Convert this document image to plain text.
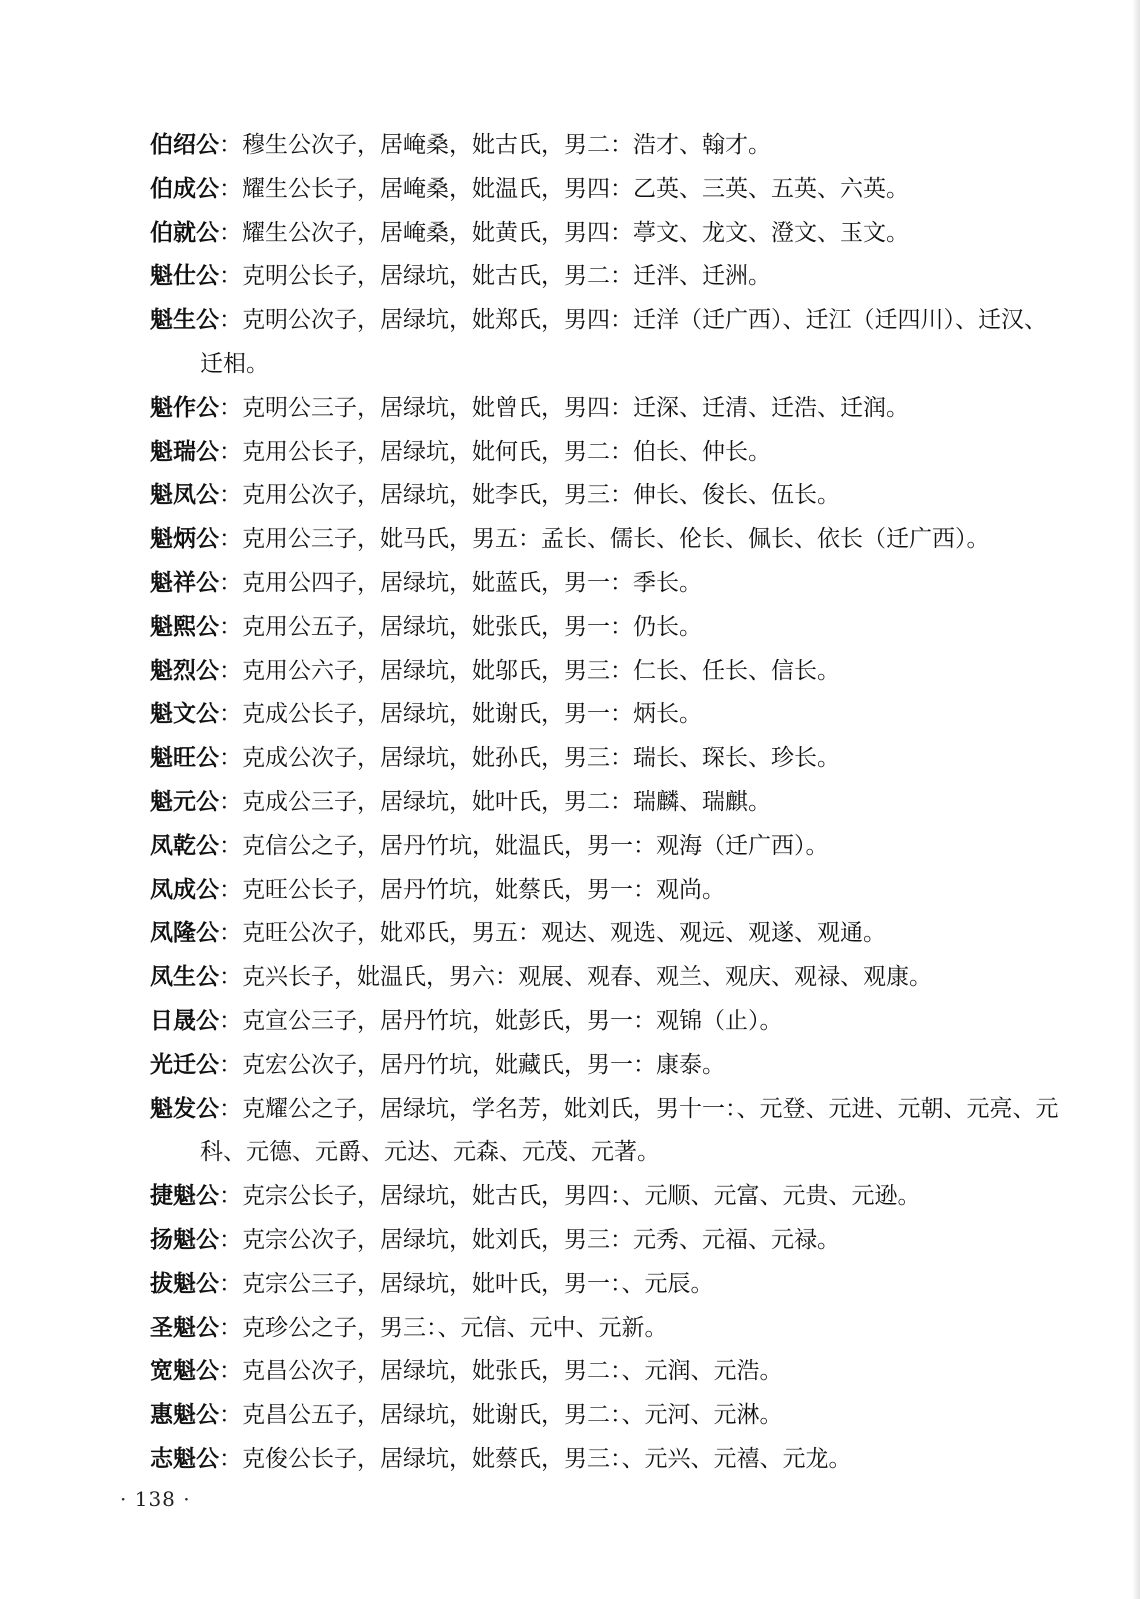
伯绍公：穆生公次子，居崦桑，妣古氏，男二：浩才、翰才。
伯成公：耀生公长子，居崦桑，妣温氏，男四：乙英、三英、五英、六英。
伯就公：耀生公次子，居崦桑，妣黄氏，男四：葶文、龙文、澄文、玉文。
魁仕公：克明公长子，居绿坑，妣古氏，男二：迁泮、迁洲。
魁生公：克明公次子，居绿坑，妣郑氏，男四：迁洋（迁广西）、迁江（迁四川）、迁汉、
迁相。
魁作公：克明公三子，居绿坑，妣曾氏，男四：迁深、迁清、迁浩、迁润。
魁瑞公：克用公长子，居绿坑，妣何氏，男二：伯长、仲长。
魁凤公：克用公次子，居绿坑，妣李氏，男三：伸长、俊长、伍长。
魁炳公：克用公三子，妣马氏，男五：孟长、儒长、伦长、佩长、依长（迁广西）。
魁祥公：克用公四子，居绿坑，妣蓝氏，男一：季长。
魁熙公：克用公五子，居绿坑，妣张氏，男一：仍长。
魁烈公：克用公六子，居绿坑，妣邬氏，男三：仁长、任长、信长。
魁文公：克成公长子，居绿坑，妣谢氏，男一：炳长。
魁旺公：克成公次子，居绿坑，妣孙氏，男三：瑞长、琛长、珍长。
魁元公：克成公三子，居绿坑，妣叶氏，男二：瑞麟、瑞麒。
凤乾公：克信公之子，居丹竹坑，妣温氏，男一：观海（迁广西）。
凤成公：克旺公长子，居丹竹坑，妣蔡氏，男一：观尚。
凤隆公：克旺公次子，妣邓氏，男五：观达、观选、观远、观遂、观通。
凤生公：克兴长子，妣温氏，男六：观展、观春、观兰、观庆、观禄、观康。
日晟公：克宣公三子，居丹竹坑，妣彭氏，男一：观锦（止）。
光迁公：克宏公次子，居丹竹坑，妣藏氏，男一：康泰。
魁发公：克耀公之子，居绿坑，学名芳，妣刘氏，男十一：、元登、元进、元朝、元亮、元
科、元德、元爵、元达、元森、元茂、元著。
捷魁公：克宗公长子，居绿坑，妣古氏，男四：、元顺、元富、元贵、元逊。
扬魁公：克宗公次子，居绿坑，妣刘氏，男三：元秀、元福、元禄。
拔魁公：克宗公三子，居绿坑，妣叶氏，男一：、元辰。
圣魁公：克珍公之子，男三：、元信、元中、元新。
宽魁公：克昌公次子，居绿坑，妣张氏，男二：、元润、元浩。
惠魁公：克昌公五子，居绿坑，妣谢氏，男二：、元河、元淋。
志魁公：克俊公长子，居绿坑，妣蔡氏，男三：、元兴、元禧、元龙。
· 138 ·
